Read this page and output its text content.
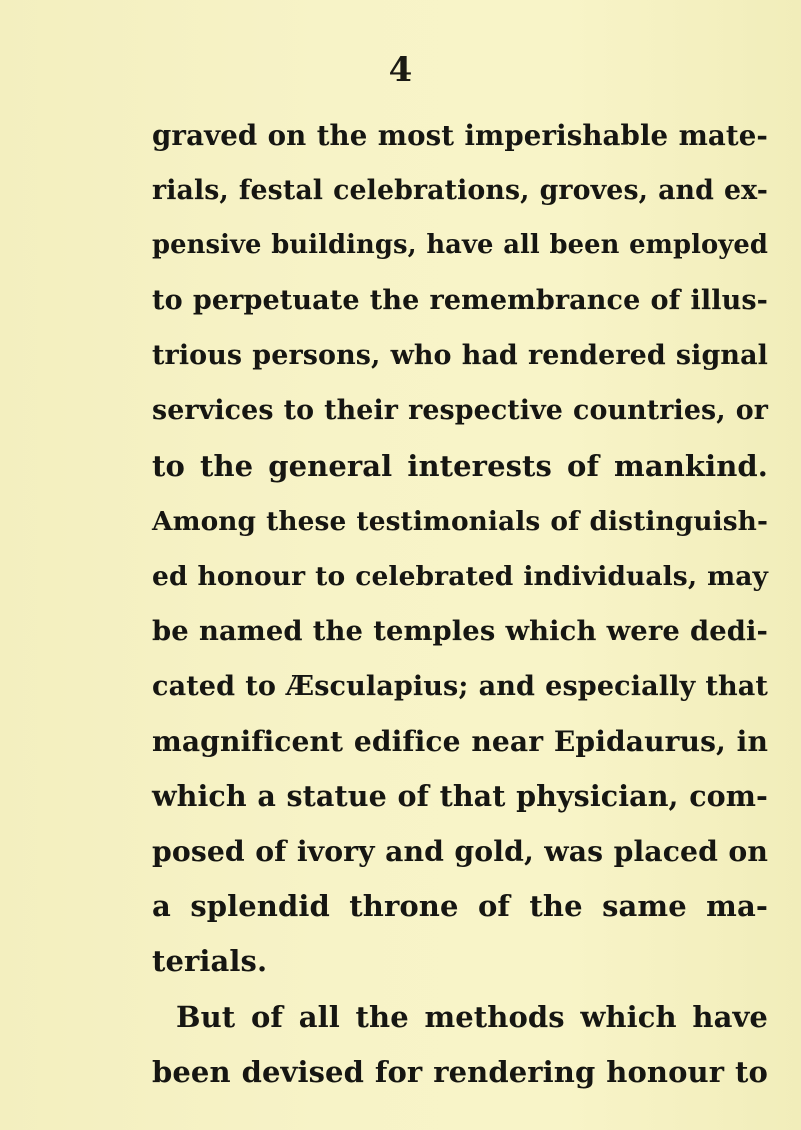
4
graved on the most imperishable mate-
rials, festal celebrations, groves, and ex-
pensive buildings, have all been employed
to perpetuate the remembrance of illus-
trious persons, who had rendered signal
services to their respective countries, or
to the general interests of mankind.
Among these testimonials of distinguish-
ed honour to celebrated individuals, may
be named the temples which were dedi-
cated to Æsculapius; and especially that
magnificent edifice near Epidaurus, in
which a statue of that physician, com-
posed of ivory and gold, was placed on
a splendid throne of the same ma-
terials.
But of all the methods which have
been devised for rendering honour to
